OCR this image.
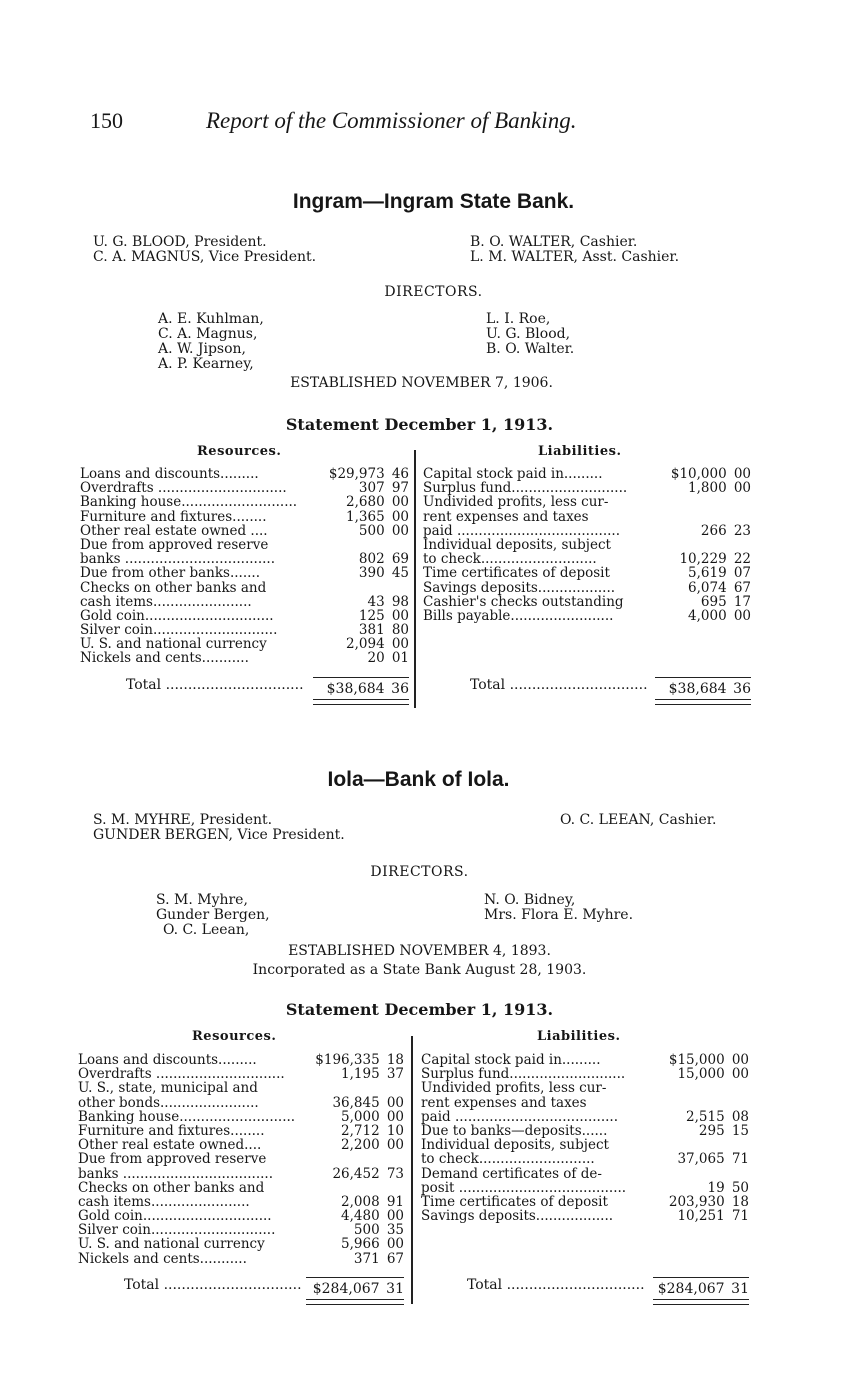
150	Report of the Commissioner of Banking.
Ingram—Ingram State Bank.
U. G. BLOOD, President.
C. A. MAGNUS, Vice President.
B. O. WALTER, Cashier.
L. M. WALTER, Asst. Cashier.
DIRECTORS.
A. E. Kuhlman,
C. A. Magnus,
A. W. Jipson,
A. P. Kearney,
L. I. Roe,
U. G. Blood,
B. O. Walter.
ESTABLISHED NOVEMBER 7, 1906.
Statement December 1, 1913.
Resources.	Liabilities.
Loans and discounts.........	$29,973 46
Overdrafts ..............................	307 97
Banking house...........................	2,680 00
Furniture and fixtures........	1,365 00
Other real estate owned ....	500 00
Due from approved reserve
banks ...................................	802 69
Due from other banks.......	390 45
Checks on other banks and
cash items.......................	43 98
Gold coin..............................	125 00
Silver coin.............................	381 80
U. S. and national currency	2,094 00
Nickels and cents...........	20 01
Capital stock paid in.........	$10,000 00
Surplus fund...........................	1,800 00
Undivided profits, less cur-
rent expenses and taxes
paid ......................................	266 23
Individual deposits, subject
to check...........................	10,229 22
Time certificates of deposit	5,619 07
Savings deposits..................	6,074 67
Cashier's checks outstanding	695 17
Bills payable........................	4,000 00
Total ...............................	$38,684 36	Total ...............................	$38,684 36
Iola—Bank of Iola.
S. M. MYHRE, President.
GUNDER BERGEN, Vice President.
O. C. LEEAN, Cashier.
DIRECTORS.
S. M. Myhre,
Gunder Bergen,
O. C. Leean,
N. O. Bidney,
Mrs. Flora E. Myhre.
ESTABLISHED NOVEMBER 4, 1893.
Incorporated as a State Bank August 28, 1903.
Statement December 1, 1913.
Resources.	Liabilities.
Loans and discounts.........	$196,335 18
Overdrafts ..............................	1,195 37
U. S., state, municipal and
other bonds.......................	36,845 00
Banking house...........................	5,000 00
Furniture and fixtures........	2,712 10
Other real estate owned....	2,200 00
Due from approved reserve
banks ...................................	26,452 73
Checks on other banks and
cash items.......................	2,008 91
Gold coin..............................	4,480 00
Silver coin.............................	500 35
U. S. and national currency	5,966 00
Nickels and cents...........	371 67
Capital stock paid in.........	$15,000 00
Surplus fund...........................	15,000 00
Undivided profits, less cur-
rent expenses and taxes
paid ......................................	2,515 08
Due to banks—deposits......	295 15
Individual deposits, subject
to check...........................	37,065 71
Demand certificates of de-
posit .......................................	19 50
Time certificates of deposit	203,930 18
Savings deposits..................	10,251 71
Total ............................... $284,067 31	Total ............................... $284,067 31
